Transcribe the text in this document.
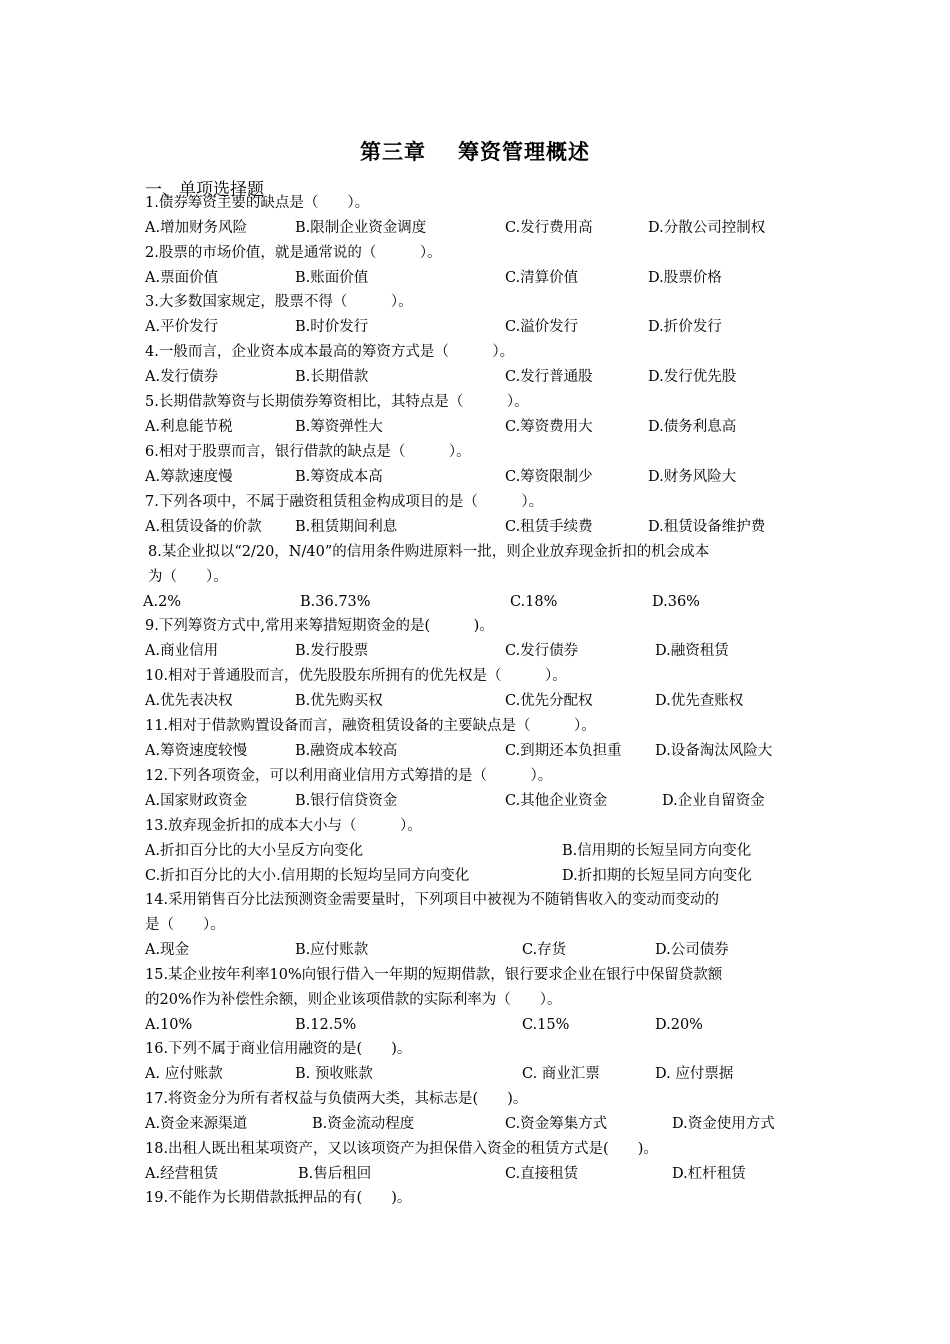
第三章 筹资管理概述
一、单项选择题
1.债券筹资主要的缺点是（　　）。
A.增加财务风险	B.限制企业资金调度	C.发行费用高	D.分散公司控制权
2.股票的市场价值，就是通常说的（　　　）。
A.票面价值	B.账面价值	C.清算价值	D.股票价格
3.大多数国家规定，股票不得（　　　）。
A.平价发行	B.时价发行	C.溢价发行	D.折价发行
4.一般而言，企业资本成本最高的筹资方式是（　　　）。
A.发行债券	B.长期借款	C.发行普通股	D.发行优先股
5.长期借款筹资与长期债券筹资相比，其特点是（　　　）。
A.利息能节税	B.筹资弹性大	C.筹资费用大	D.债务利息高
6.相对于股票而言，银行借款的缺点是（　　　）。
A.筹款速度慢	B.筹资成本高	C.筹资限制少	D.财务风险大
7.下列各项中，不属于融资租赁租金构成项目的是（　　　）。
A.租赁设备的价款 B.租赁期间利息	C.租赁手续费	D.租赁设备维护费
8.某企业拟以“2/20，N/40”的信用条件购进原料一批，则企业放弃现金折扣的机会成本
为（　　）。
A.2%	B.36.73%	C.18%	D.36%
9.下列筹资方式中,常用来筹措短期资金的是(　　　)。
A.商业信用	B.发行股票	C.发行债券	D.融资租赁
10.相对于普通股而言，优先股股东所拥有的优先权是（　　　）。
A.优先表决权	B.优先购买权	C.优先分配权	D.优先查账权
11.相对于借款购置设备而言，融资租赁设备的主要缺点是（　　　）。
A.筹资速度较慢	B.融资成本较高	C.到期还本负担重 D.设备淘汰风险大
12.下列各项资金，可以利用商业信用方式筹措的是（　　　）。
A.国家财政资金	B.银行信贷资金	C.其他企业资金	D.企业自留资金
13.放弃现金折扣的成本大小与（　　　）。
A.折扣百分比的大小呈反方向变化	B.信用期的长短呈同方向变化
C.折扣百分比的大小.信用期的长短均呈同方向变化	D.折扣期的长短呈同方向变化
14.采用销售百分比法预测资金需要量时，下列项目中被视为不随销售收入的变动而变动的
是（　　）。
A.现金	B.应付账款	C.存货	D.公司债券
15.某企业按年利率10%向银行借入一年期的短期借款，银行要求企业在银行中保留贷款额
的20%作为补偿性余额，则企业该项借款的实际利率为（　　）。
A.10%	B.12.5%	C.15%	D.20%
16.下列不属于商业信用融资的是(　　)。
A. 应付账款	B. 预收账款	C. 商业汇票	D. 应付票据
17.将资金分为所有者权益与负债两大类，其标志是(　　)。
A.资金来源渠道	B.资金流动程度	C.资金筹集方式	D.资金使用方式
18.出租人既出租某项资产，又以该项资产为担保借入资金的租赁方式是(　　)。
A.经营租赁	B.售后租回	C.直接租赁	D.杠杆租赁
19.不能作为长期借款抵押品的有(　　)。
